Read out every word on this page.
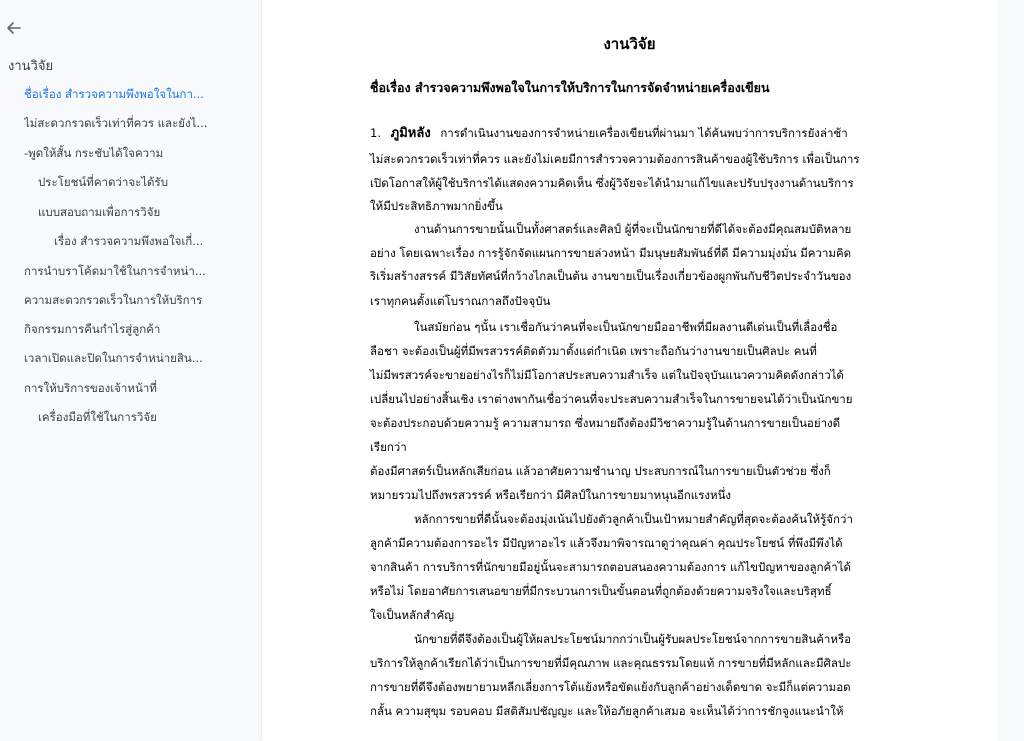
งานวิจัย
ชื่อเรื่อง สำรวจความพึงพอใจในกา...
ไม่สะดวกรวดเร็วเท่าที่ควร และยังไ...
-พูดให้สั้น กระชับได้ใจความ
ประโยชน์ที่คาดว่าจะได้รับ
แบบสอบถามเพื่อการวิจัย
เรื่อง สำรวจความพึงพอใจเกี่...
การนำบราโค้ดมาใช้ในการจำหน่า...
ความสะดวกรวดเร็วในการให้บริการ
กิจกรรมการคืนกำไรสู่ลูกค้า
เวลาเปิดและปิดในการจำหน่ายสิน...
การให้บริการของเจ้าหน้าที่
เครื่องมือที่ใช้ในการวิจัย
งานวิจัย
ชื่อเรื่อง สำรวจความพึงพอใจในการให้บริการในการจัดจำหน่ายเครื่องเขียน
1. ภูมิหลัง การดำเนินงานของการจำหน่ายเครื่องเขียนที่ผ่านมา ได้ค้นพบว่าการบริการยังล่าช้า
ไม่สะดวกรวดเร็วเท่าที่ควร และยังไม่เคยมีการสำรวจความต้องการสินค้าของผู้ใช้บริการ เพื่อเป็นการ
เปิดโอกาสให้ผู้ใช้บริการได้แสดงความคิดเห็น ซึ่งผู้วิจัยจะได้นำมาแก้ไขและปรับปรุงงานด้านบริการ
ให้มีประสิทธิภาพมากยิ่งขึ้น
งานด้านการขายนั้นเป็นทั้งศาสตร์และศิลป์ ผู้ที่จะเป็นนักขายที่ดีได้จะต้องมีคุณสมบัติหลาย
อย่าง โดยเฉพาะเรื่อง การรู้จักจัดแผนการขายล่วงหน้า มีมนุษยสัมพันธ์ที่ดี มีความมุ่งมั่น มีความคิด
ริเริ่มสร้างสรรค์ มีวิสัยทัศน์ที่กว้างไกลเป็นต้น งานขายเป็นเรื่องเกี่ยวข้องผูกพันกับชีวิตประจำวันของ
เราทุกคนตั้งแต่โบราณกาลถึงปัจจุบัน
ในสมัยก่อน ๆนั้น เราเชื่อกันว่าคนที่จะเป็นนักขายมืออาชีพที่มีผลงานดีเด่นเป็นที่เลื่องชื่อ
ลือชา จะต้องเป็นผู้ที่มีพรสวรรค์ติดตัวมาตั้งแต่กำเนิด เพราะถือกันว่างานขายเป็นศิลปะ คนที่
ไม่มีพรสวรค์จะขายอย่างไรก็ไม่มีโอกาสประสบความสำเร็จ แต่ในปัจจุบันแนวความคิดดังกล่าวได้
เปลี่ยนไปอย่างสิ้นเชิง เราต่างพากันเชื่อว่าคนที่จะประสบความสำเร็จในการขายจนได้ว่าเป็นนักขาย
จะต้องประกอบด้วยความรู้ ความสามารถ ซึ่งหมายถึงต้องมีวิชาความรู้ในด้านการขายเป็นอย่างดี
เรียกว่า
ต้องมีศาสตร์เป็นหลักเสียก่อน แล้วอาศัยความชำนาญ ประสบการณ์ในการขายเป็นตัวช่วย ซึ่งก็
หมายรวมไปถึงพรสวรรค์ หรือเรียกว่า มีศิลป์ในการขายมาหนุนอีกแรงหนึ่ง
หลักการขายที่ดีนั้นจะต้องมุ่งเน้นไปยังตัวลูกค้าเป็นเป้าหมายสำคัญที่สุดจะต้องค้นให้รู้จักว่า
ลูกค้ามีความต้องการอะไร มีปัญหาอะไร แล้วจึงมาพิจารณาดูว่าคุณค่า คุณประโยชน์ ที่พึงมีพึงได้
จากสินค้า การบริการที่นักขายมีอยู่นั้นจะสามารถตอบสนองความต้องการ แก้ไขปัญหาของลูกค้าได้
หรือไม่ โดยอาศัยการเสนอขายที่มีกระบวนการเป็นขั้นตอนที่ถูกต้องด้วยความจริงใจและบริสุทธิ์
ใจเป็นหลักสำคัญ
นักขายที่ดีจึงต้องเป็นผู้ให้ผลประโยชน์มากกว่าเป็นผู้รับผลประโยชน์จากการขายสินค้าหรือ
บริการให้ลูกค้าเรียกได้ว่าเป็นการขายที่มีคุณภาพ และคุณธรรมโดยแท้ การขายที่มีหลักและมีศิลปะ
การขายที่ดีจึงต้องพยายามหลีกเลี่ยงการโต้แย้งหรือขัดแย้งกับลูกค้าอย่างเด็ดขาด จะมีก็แต่ความอด
กลั้น ความสุขุม รอบคอบ มีสติสัมปชัญญะ และให้อภัยลูกค้าเสมอ จะเห็นได้ว่าการชักจูงแนะนำให้
